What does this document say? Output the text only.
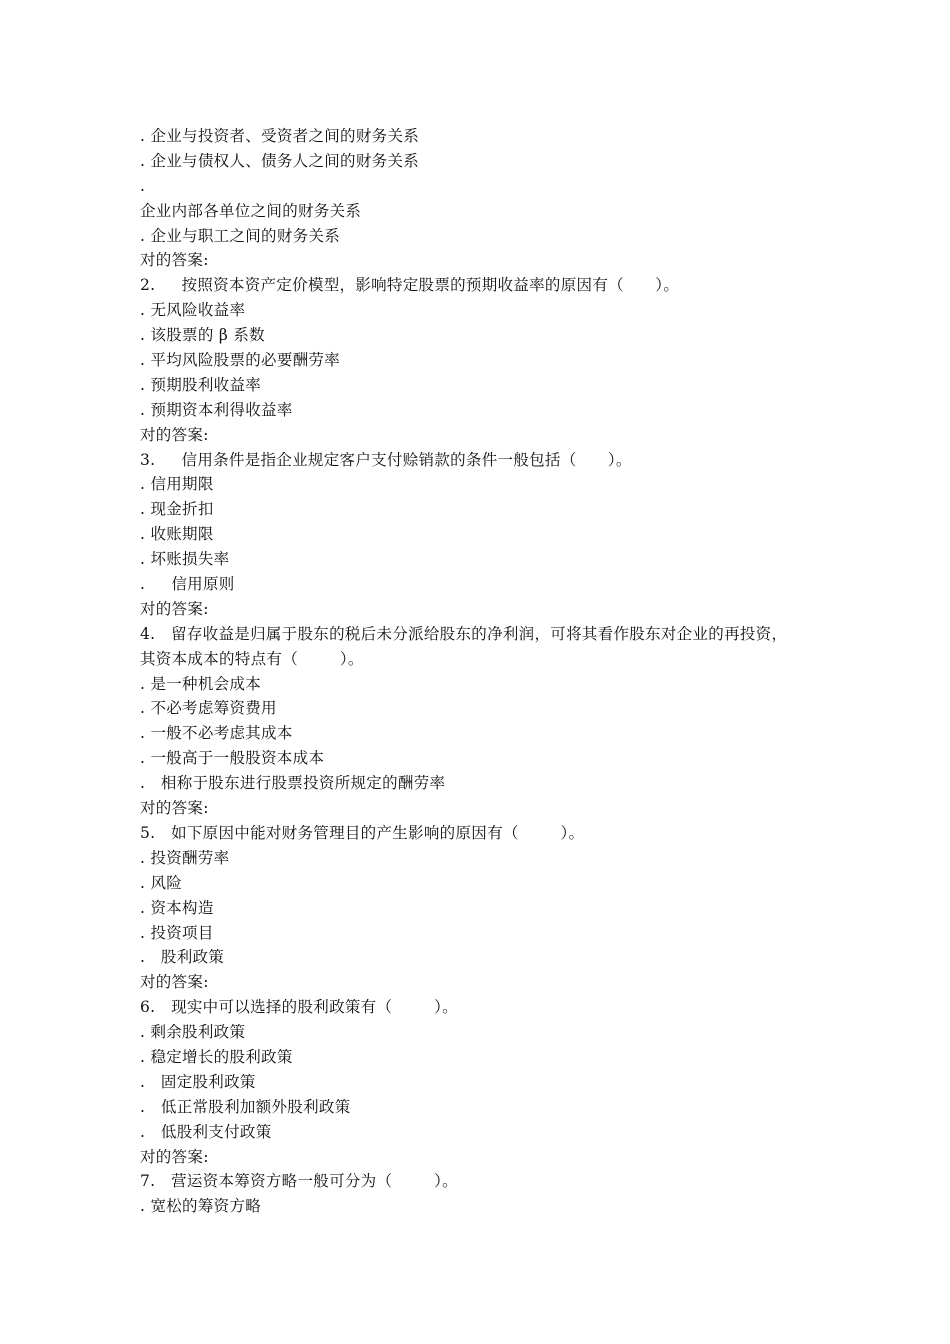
. 企业与投资者、受资者之间的财务关系
. 企业与债权人、债务人之间的财务关系
.
企业内部各单位之间的财务关系
. 企业与职工之间的财务关系
对的答案:
2.     按照资本资产定价模型，影响特定股票的预期收益率的原因有（      ）。
. 无风险收益率
. 该股票的 β 系数
. 平均风险股票的必要酬劳率
. 预期股利收益率
. 预期资本利得收益率
对的答案:
3.     信用条件是指企业规定客户支付赊销款的条件一般包括（      ）。
. 信用期限
. 现金折扣
. 收账期限
. 坏账损失率
.     信用原则
对的答案:
4.   留存收益是归属于股东的税后未分派给股东的净利润，可将其看作股东对企业的再投资，
其资本成本的特点有（        ）。
. 是一种机会成本
. 不必考虑筹资费用
. 一般不必考虑其成本
. 一般高于一般股资本成本
.   相称于股东进行股票投资所规定的酬劳率
对的答案:
5.   如下原因中能对财务管理目的产生影响的原因有（        ）。
. 投资酬劳率
. 风险
. 资本构造
. 投资项目
.   股利政策
对的答案:
6.   现实中可以选择的股利政策有（        ）。
. 剩余股利政策
. 稳定增长的股利政策
.   固定股利政策
.   低正常股利加额外股利政策
.   低股利支付政策
对的答案:
7.   营运资本筹资方略一般可分为（        ）。
. 宽松的筹资方略
